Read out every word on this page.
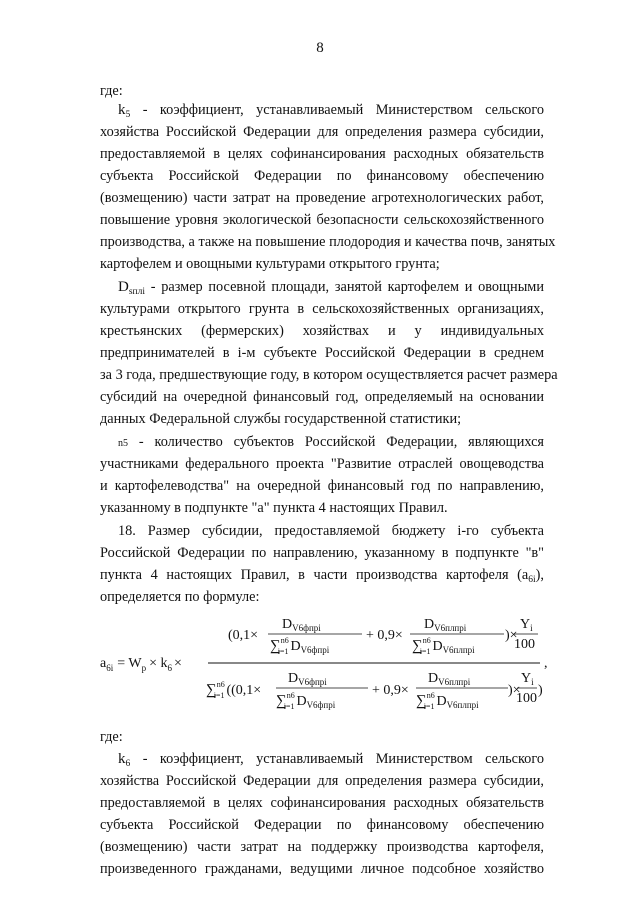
8
где:
$k_5$ - коэффициент, устанавливаемый Министерством сельского
хозяйства Российской Федерации для определения размера субсидии,
предоставляемой в целях софинансирования расходных обязательств
субъекта Российской Федерации по финансовому обеспечению
(возмещению) части затрат на проведение агротехнологических работ,
повышение уровня экологической безопасности сельскохозяйственного
производства, а также на повышение плодородия и качества почв, занятых
картофелем и овощными культурами открытого грунта;
$D_{sплi}$ - размер посевной площади, занятой картофелем и овощными
культурами открытого грунта в сельскохозяйственных организациях,
крестьянских (фермерских) хозяйствах и у индивидуальных
предпринимателей в i-м субъекте Российской Федерации в среднем
за 3 года, предшествующие году, в котором осуществляется расчет размера
субсидий на очередной финансовый год, определяемый на основании
данных Федеральной службы государственной статистики;
n5 - количество субъектов Российской Федерации, являющихся
участниками федерального проекта "Развитие отраслей овощеводства
и картофелеводства" на очередной финансовый год по направлению,
указанному в подпункте "а" пункта 4 настоящих Правил.
18. Размер субсидии, предоставляемой бюджету i-го субъекта
Российской Федерации по направлению, указанному в подпункте "в"
пункта 4 настоящих Правил, в части производства картофеля $(a_{6i})$,
определяется по формуле:
$a_{6i} = W_p \times k_6$ ×	,
(0,1×
$D_{V6фпрi}$
∑$^{n6}$ i=1 $D_{V6фпрi}$
+ 0,9×
$D_{V6плпрi}$
∑$^{n6}$ i=1 $D_{V6плпрi}$
)×
$Y_i$
100
∑$^{n6}$ i=1 ((0,1×
$D_{V6фпрi}$
∑$^{n6}$ i=1 $D_{V6фпрi}$
+ 0,9×
$D_{V6плпрi}$
∑$^{n6}$ i=1 $D_{V6плпрi}$
)×
$Y_i$
100
)
где:
$k_6$ - коэффициент, устанавливаемый Министерством сельского
хозяйства Российской Федерации для определения размера субсидии,
предоставляемой в целях софинансирования расходных обязательств
субъекта Российской Федерации по финансовому обеспечению
(возмещению) части затрат на поддержку производства картофеля,
произведенного гражданами, ведущими личное подсобное хозяйство
